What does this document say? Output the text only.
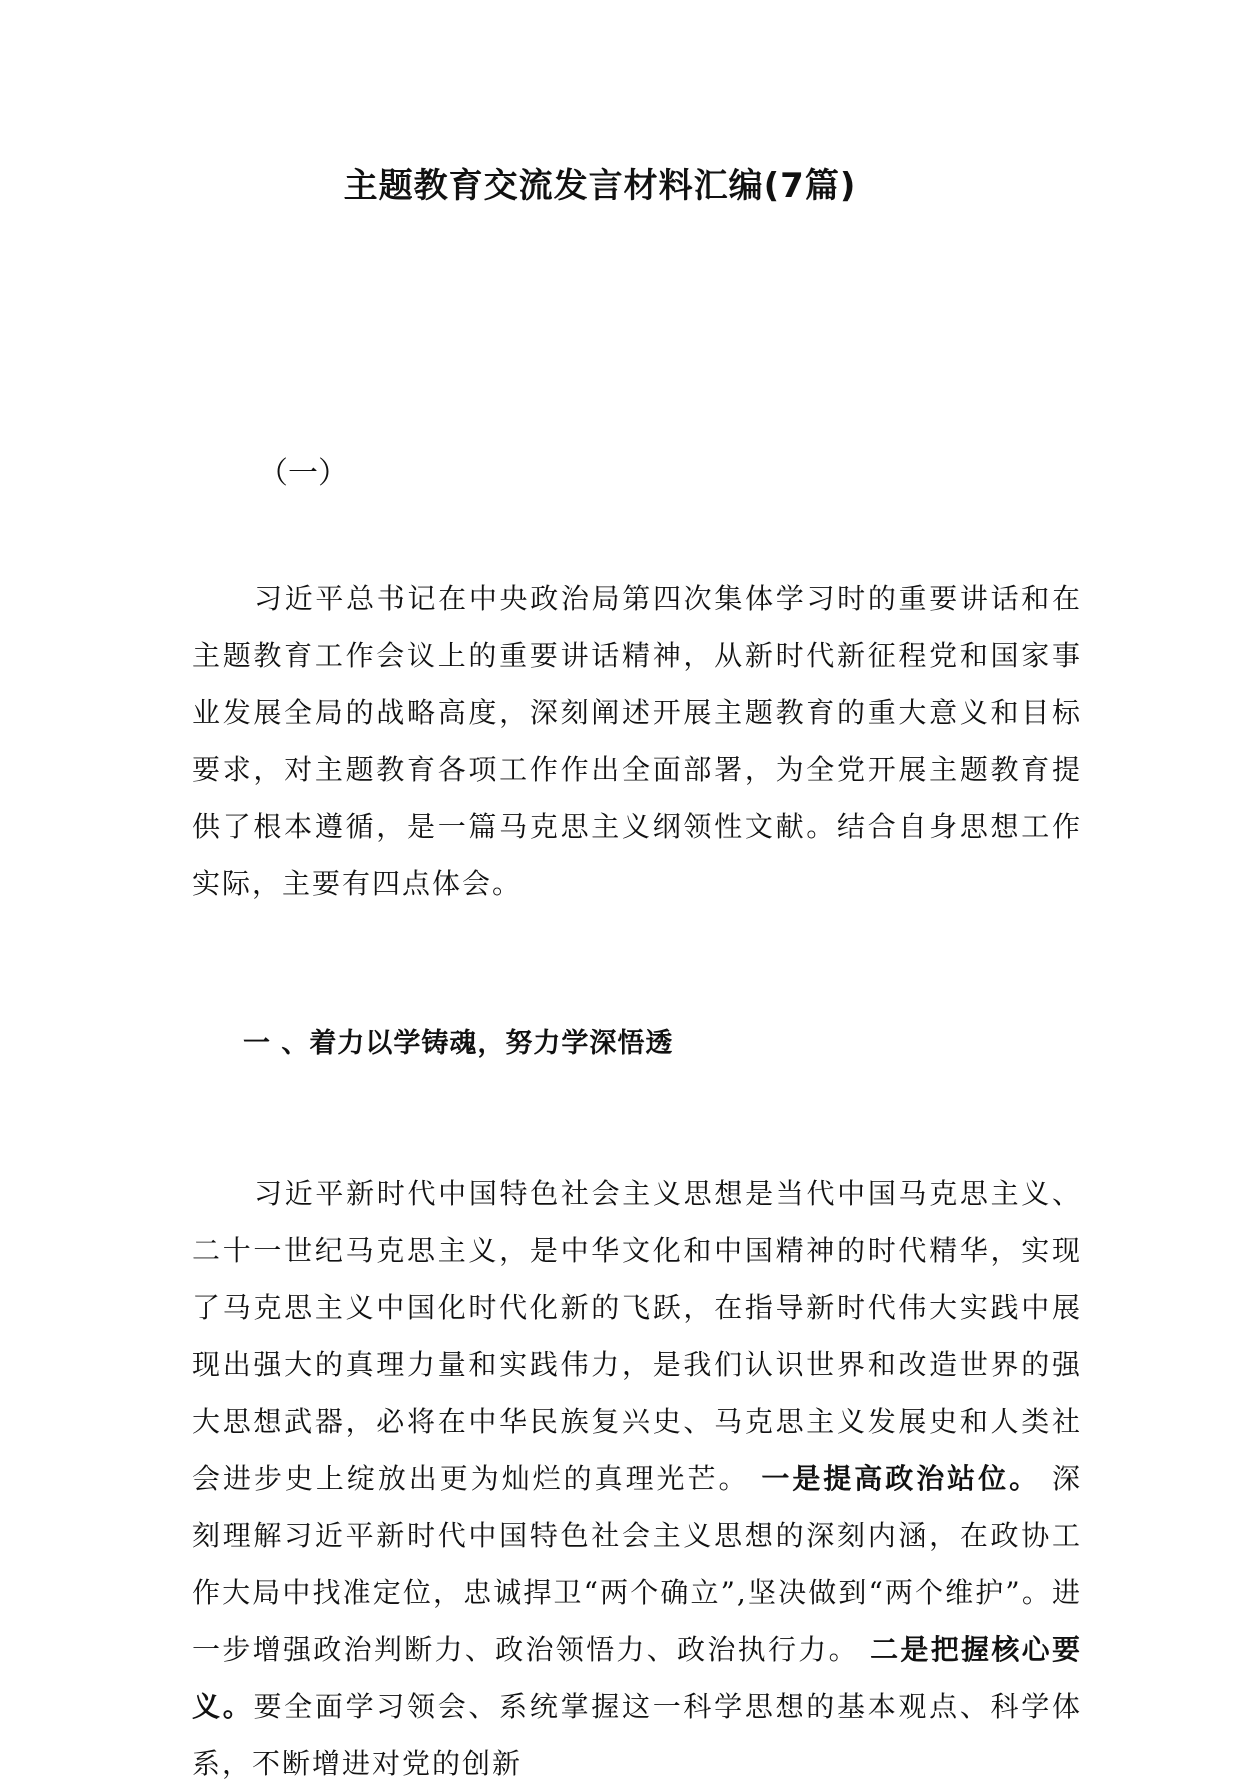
主题教育交流发言材料汇编(7篇)

（一）

习近平总书记在中央政治局第四次集体学习时的重要讲话和在主题教育工作会议上的重要讲话精神，从新时代新征程党和国家事业发展全局的战略高度，深刻阐述开展主题教育的重大意义和目标要求，对主题教育各项工作作出全面部署，为全党开展主题教育提供了根本遵循，是一篇马克思主义纲领性文献。结合自身思想工作实际，主要有四点体会。

一 、着力以学铸魂，努力学深悟透

习近平新时代中国特色社会主义思想是当代中国马克思主义、二十一世纪马克思主义，是中华文化和中国精神的时代精华，实现了马克思主义中国化时代化新的飞跃，在指导新时代伟大实践中展现出强大的真理力量和实践伟力，是我们认识世界和改造世界的强大思想武器，必将在中华民族复兴史、马克思主义发展史和人类社会进步史上绽放出更为灿烂的真理光芒。 一是提高政治站位。 深刻理解习近平新时代中国特色社会主义思想的深刻内涵，在政协工作大局中找准定位，忠诚捍卫“两个确立”,坚决做到“两个维护”。进一步增强政治判断力、政治领悟力、政治执行力。 二是把握核心要义。要全面学习领会、系统掌握这一科学思想的基本观点、科学体系，不断增进对党的创新
